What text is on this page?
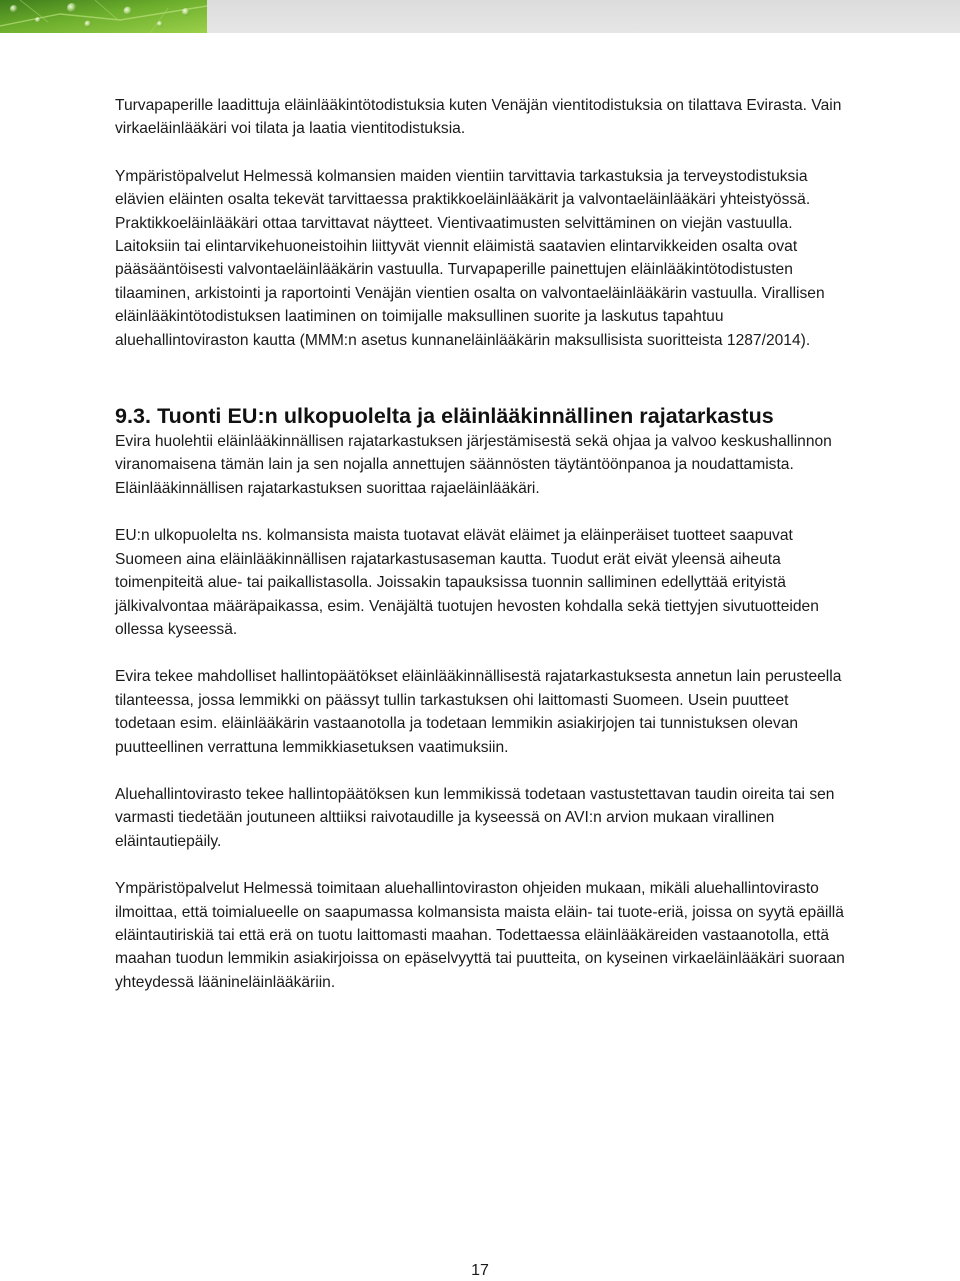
Turvapaperille laadittuja eläinlääkintötodistuksia kuten Venäjän vientitodistuksia on tilattava Evirasta. Vain virkaeläinlääkäri voi tilata ja laatia vientitodistuksia.

Ympäristöpalvelut Helmessä kolmansien maiden vientiin tarvittavia tarkastuksia ja terveystodistuksia elävien eläinten osalta tekevät tarvittaessa praktikkoeläinlääkärit ja valvontaeläinlääkäri yhteistyössä. Praktikkoeläinlääkäri ottaa tarvittavat näytteet. Vientivaatimusten selvittäminen on viejän vastuulla. Laitoksiin tai elintarvikehuoneistoihin liittyvät viennit eläimistä saatavien elintarvikkeiden osalta ovat pääsääntöisesti valvontaeläinlääkärin vastuulla. Turvapaperille painettujen eläinlääkintötodistusten tilaaminen, arkistointi ja raportointi Venäjän vientien osalta on valvontaeläinlääkärin vastuulla. Virallisen eläinlääkintötodistuksen laatiminen on toimijalle maksullinen suorite ja laskutus tapahtuu aluehallintoviraston kautta (MMM:n asetus kunnaneläinlääkärin maksullisista suoritteista 1287/2014).

9.3. Tuonti EU:n ulkopuolelta ja eläinlääkinnällinen rajatarkastus

Evira huolehtii eläinlääkinnällisen rajatarkastuksen järjestämisestä sekä ohjaa ja valvoo keskushallinnon viranomaisena tämän lain ja sen nojalla annettujen säännösten täytäntöönpanoa ja noudattamista. Eläinlääkinnällisen rajatarkastuksen suorittaa rajaeläinlääkäri.

EU:n ulkopuolelta ns. kolmansista maista tuotavat elävät eläimet ja eläinperäiset tuotteet saapuvat Suomeen aina eläinlääkinnällisen rajatarkastusaseman kautta. Tuodut erät eivät yleensä aiheuta toimenpiteitä alue- tai paikallistasolla. Joissakin tapauksissa tuonnin salliminen edellyttää erityistä jälkivalvontaa määräpaikassa, esim. Venäjältä tuotujen hevosten kohdalla sekä tiettyjen sivutuotteiden ollessa kyseessä.

Evira tekee mahdolliset hallintopäätökset eläinlääkinnällisestä rajatarkastuksesta annetun lain perusteella tilanteessa, jossa lemmikki on päässyt tullin tarkastuksen ohi laittomasti Suomeen. Usein puutteet todetaan esim. eläinlääkärin vastaanotolla ja todetaan lemmikin asiakirjojen tai tunnistuksen olevan puutteellinen verrattuna lemmikkiasetuksen vaatimuksiin.

Aluehallintovirasto tekee hallintopäätöksen kun lemmikissä todetaan vastustettavan taudin oireita tai sen varmasti tiedetään joutuneen alttiiksi raivotaudille ja kyseessä on AVI:n arvion mukaan virallinen eläintautiepäily.

Ympäristöpalvelut Helmessä toimitaan aluehallintoviraston ohjeiden mukaan, mikäli aluehallintovirasto ilmoittaa, että toimialueelle on saapumassa kolmansista maista eläin- tai tuote-eriä, joissa on syytä epäillä eläintautiriskiä tai että erä on tuotu laittomasti maahan. Todettaessa eläinlääkäreiden vastaanotolla, että maahan tuodun lemmikin asiakirjoissa on epäselvyyttä tai puutteita, on kyseinen virkaeläinlääkäri suoraan yhteydessä läänineläinlääkäriin.

17
